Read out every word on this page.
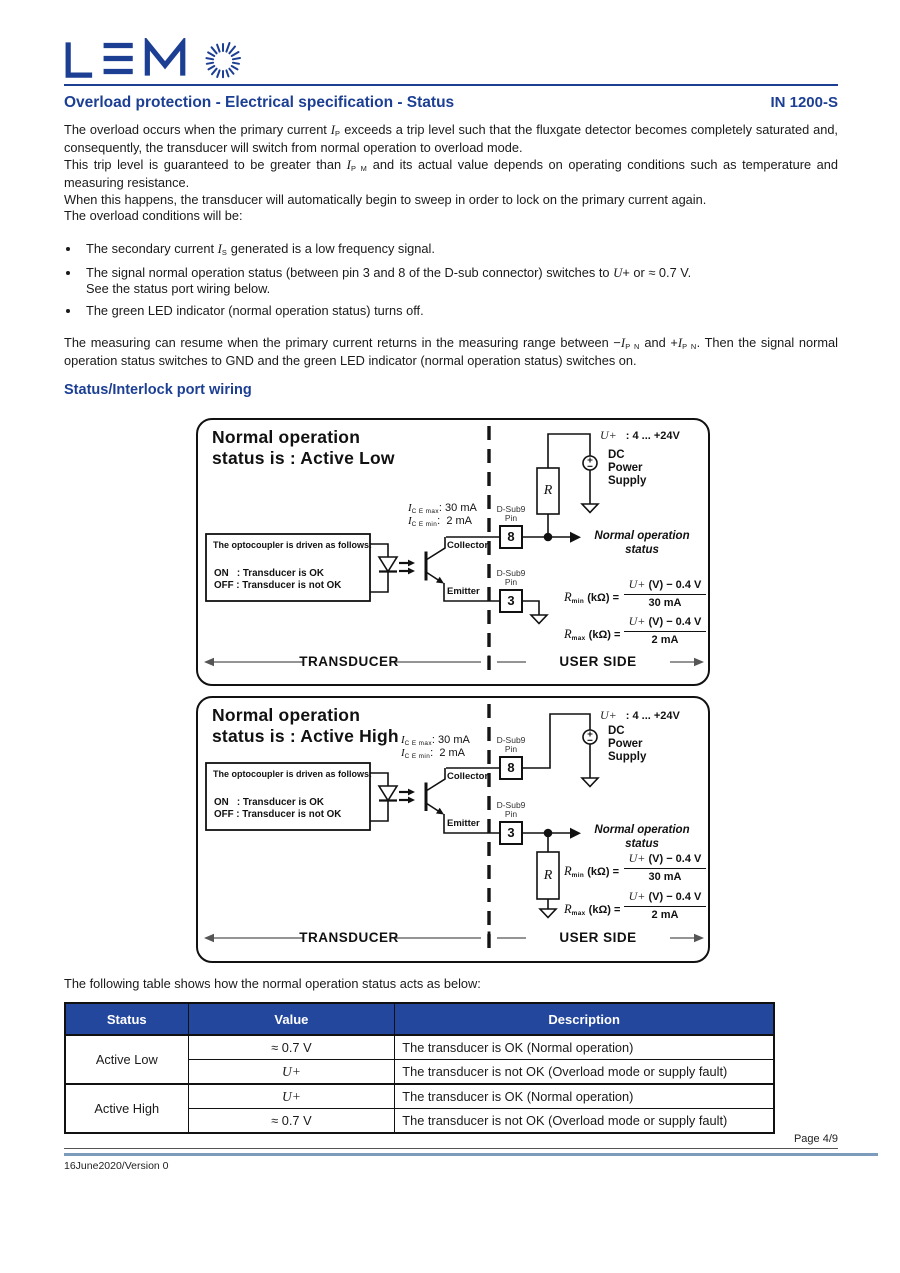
Overload protection - Electrical specification - Status	IN 1200-S

The overload occurs when the primary current IP exceeds a trip level such that the fluxgate detector becomes completely saturated and, consequently, the transducer will switch from normal operation to overload mode.

This trip level is guaranteed to be greater than IP M and its actual value depends on operating conditions such as temperature and measuring resistance.

When this happens, the transducer will automatically begin to sweep in order to lock on the primary current again.

The overload conditions will be:

• The secondary current IS generated is a low frequency signal.
• The signal normal operation status (between pin 3 and 8 of the D-sub connector) switches to U+ or ≈ 0.7 V.
See the status port wiring below.
• The green LED indicator (normal operation status) turns off.

The measuring can resume when the primary current returns in the measuring range between −IP N and +IP N. Then the signal normal operation status switches to GND and the green LED indicator (normal operation status) switches on.

Status/Interlock port wiring
Normal operation
status is : Active Low
The optocoupler is driven as follows:
ON   : Transducer is OK
OFF : Transducer is not OK
IC E max: 30 mA
IC E min:  2 mA
D-Sub9
Pin
8
Collector
Emitter
D-Sub9
Pin
3
U+ : 4 ... +24V
DC
Power
Supply
R
Normal operation
status
Rmin $(k\Omega) = \frac{U+ (V) - 0.4 V}{30 mA}$
Rmax $(k\Omega) = \frac{U+ (V) - 0.4 V}{2 mA}$
TRANSDUCER	USER SIDE
Normal operation
status is : Active High
The optocoupler is driven as follows:
ON   : Transducer is OK
OFF : Transducer is not OK
IC E max: 30 mA
IC E min:  2 mA
D-Sub9
Pin
8
Collector
Emitter
D-Sub9
Pin
3
U+ : 4 ... +24V
DC
Power
Supply
R
Normal operation
status
Rmin $(k\Omega) = \frac{U+ (V) - 0.4 V}{30 mA}$
Rmax $(k\Omega) = \frac{U+ (V) - 0.4 V}{2 mA}$
TRANSDUCER	USER SIDE

The following table shows how the normal operation status acts as below:

Status	Value	Description
Active Low	≈ 0.7 V	The transducer is OK (Normal operation)
	U+	The transducer is not OK (Overload mode or supply fault)
Active High	U+	The transducer is OK (Normal operation)
	≈ 0.7 V	The transducer is not OK (Overload mode or supply fault)
Page 4/9
16June2020/Version 0
